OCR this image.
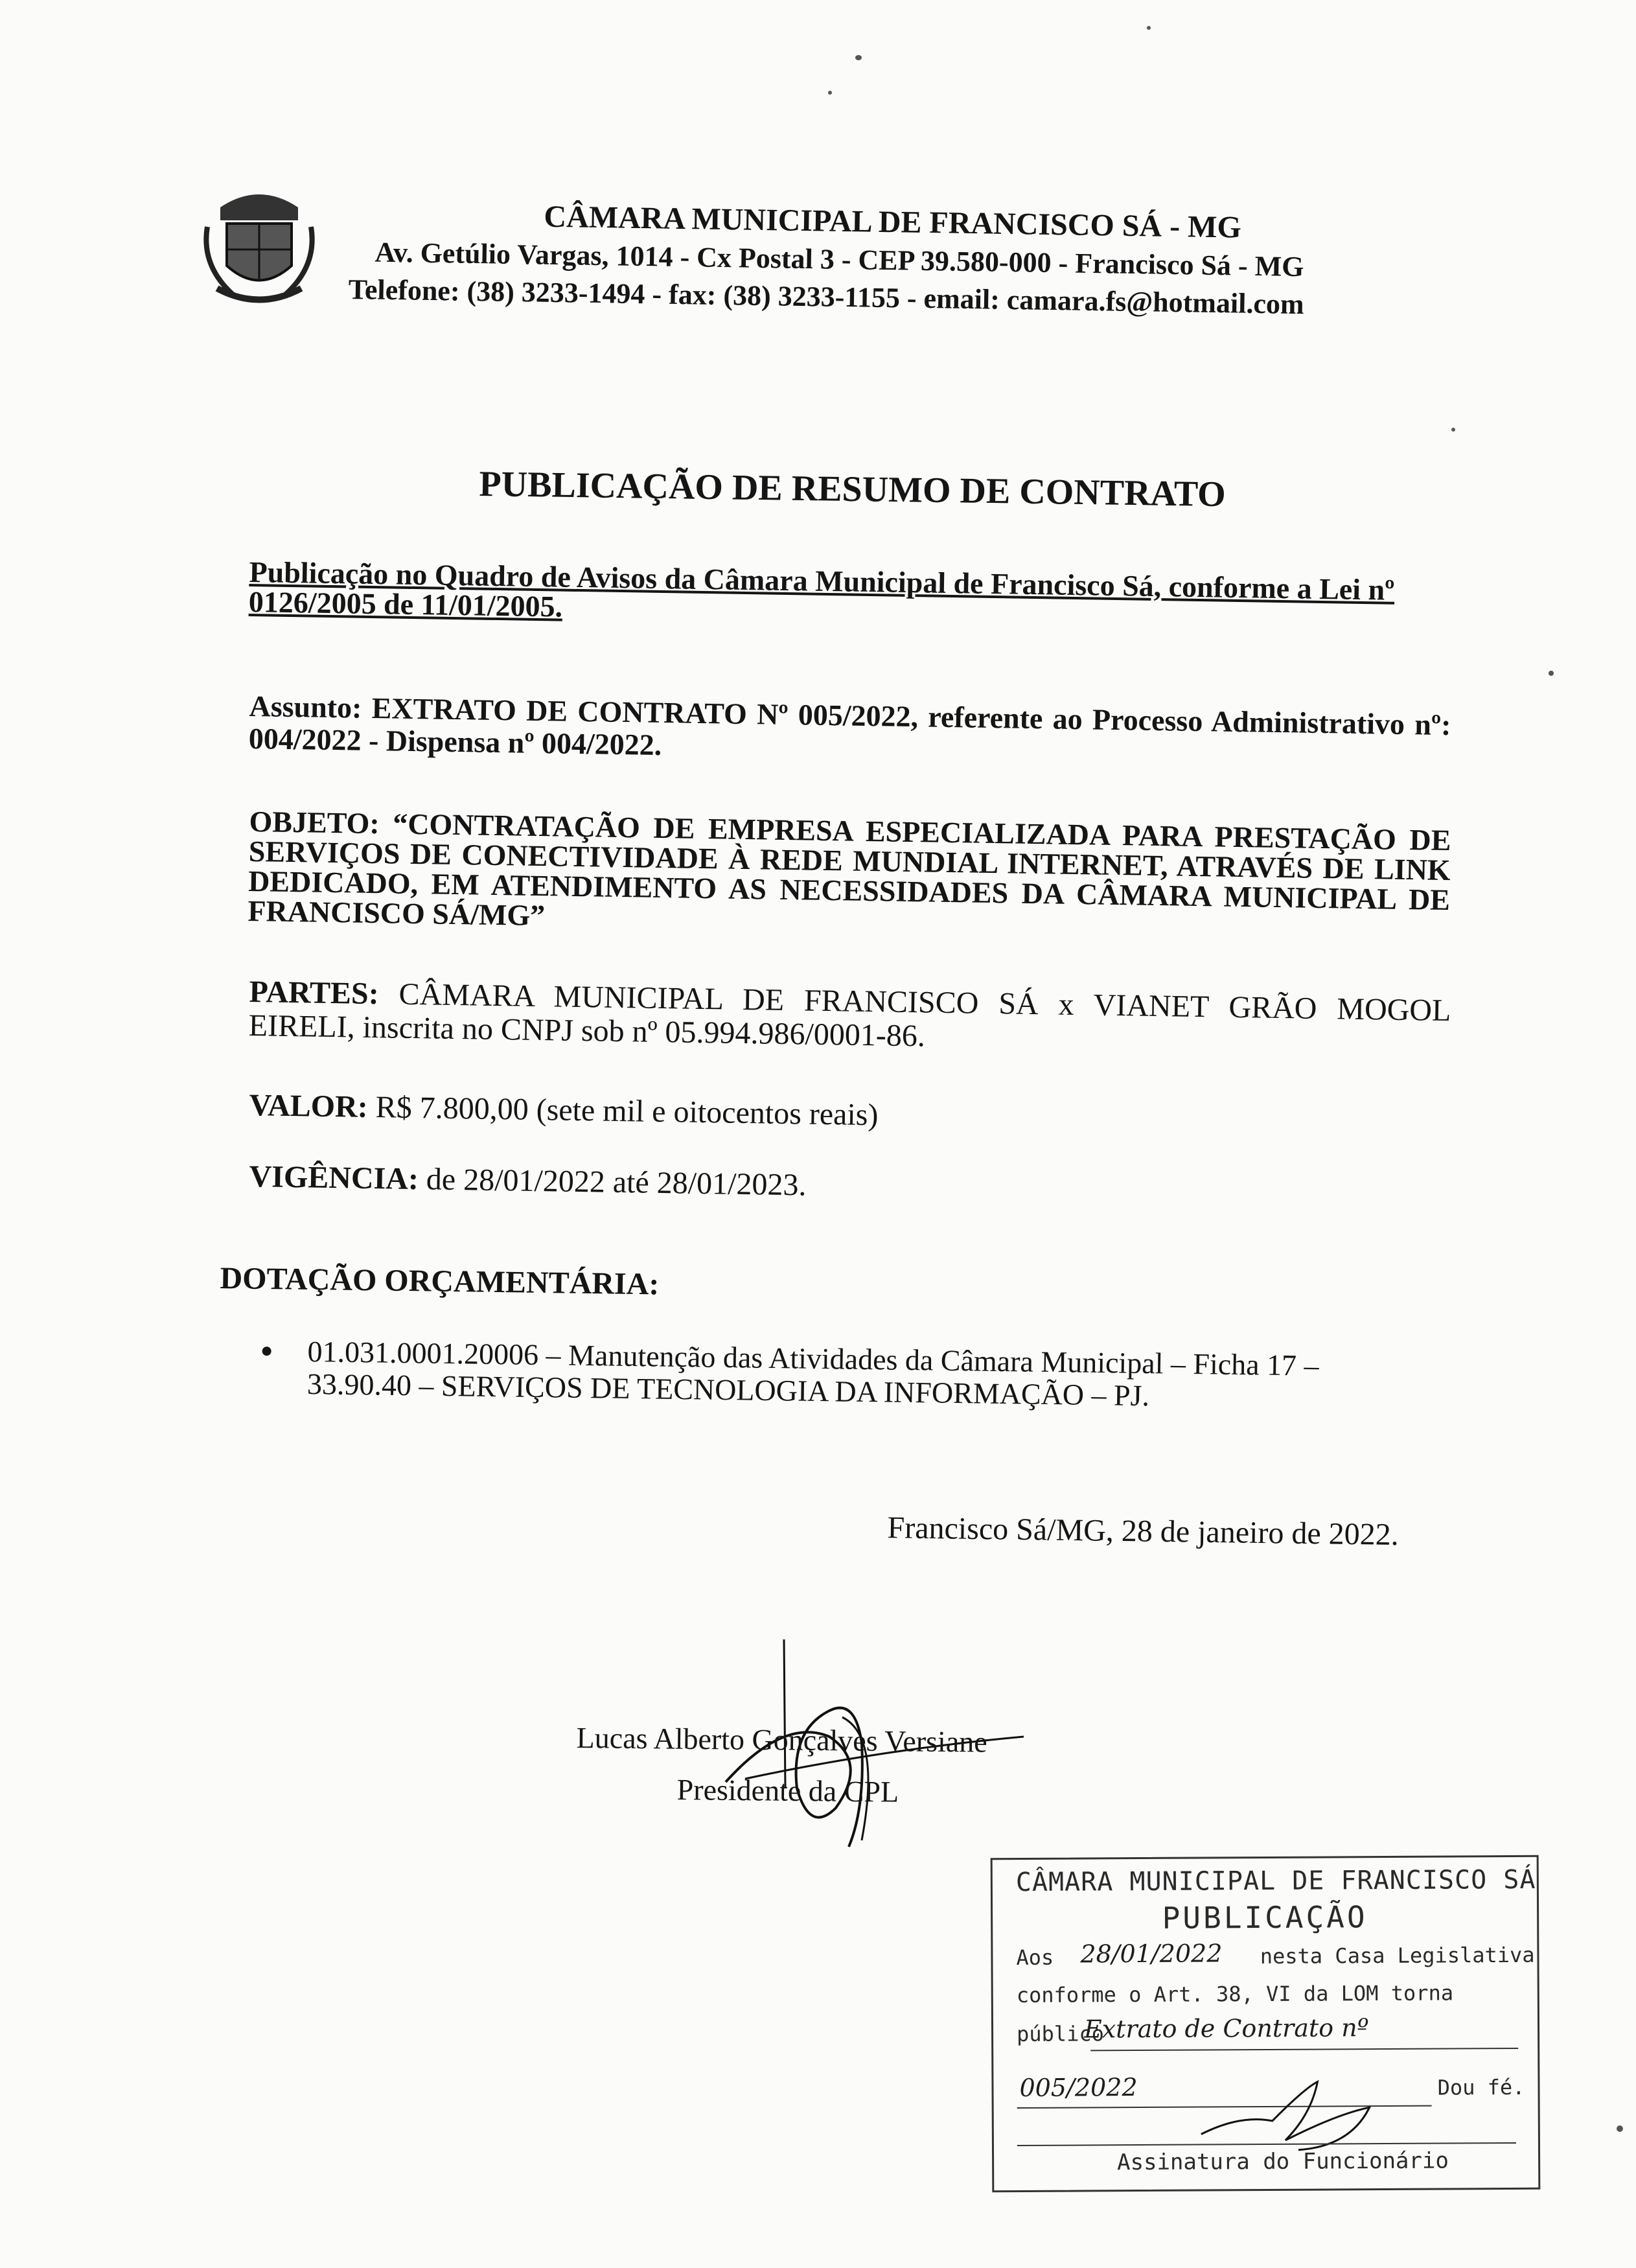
CÂMARA MUNICIPAL DE FRANCISCO SÁ - MG
Av. Getúlio Vargas, 1014 - Cx Postal 3 - CEP 39.580-000 - Francisco Sá - MG
Telefone: (38) 3233-1494 - fax: (38) 3233-1155 - email: camara.fs@hotmail.com
PUBLICAÇÃO DE RESUMO DE CONTRATO
Publicação no Quadro de Avisos da Câmara Municipal de Francisco Sá, conforme a Lei nº 0126/2005 de 11/01/2005.
Assunto: EXTRATO DE CONTRATO Nº 005/2022, referente ao Processo Administrativo nº: 004/2022 - Dispensa nº 004/2022.
OBJETO: “CONTRATAÇÃO DE EMPRESA ESPECIALIZADA PARA PRESTAÇÃO DE SERVIÇOS DE CONECTIVIDADE À REDE MUNDIAL INTERNET, ATRAVÉS DE LINK DEDICADO, EM ATENDIMENTO AS NECESSIDADES DA CÂMARA MUNICIPAL DE FRANCISCO SÁ/MG”
PARTES: CÂMARA MUNICIPAL DE FRANCISCO SÁ x VIANET GRÃO MOGOL EIRELI, inscrita no CNPJ sob nº 05.994.986/0001-86.
VALOR: R$ 7.800,00 (sete mil e oitocentos reais)
VIGÊNCIA: de 28/01/2022 até 28/01/2023.
DOTAÇÃO ORÇAMENTÁRIA:
01.031.0001.20006 – Manutenção das Atividades da Câmara Municipal – Ficha 17 – 33.90.40 – SERVIÇOS DE TECNOLOGIA DA INFORMAÇÃO – PJ.
Francisco Sá/MG, 28 de janeiro de 2022.
Lucas Alberto Gonçalves Versiane
Presidente da CPL
CÂMARA MUNICIPAL DE FRANCISCO SÁ
PUBLICAÇÃO
Aos	nesta Casa Legislativa
28/01/2022
conforme o Art. 38, VI da LOM torna
público
Extrato de Contrato nº
005/2022	Dou fé.
Assinatura do Funcionário
